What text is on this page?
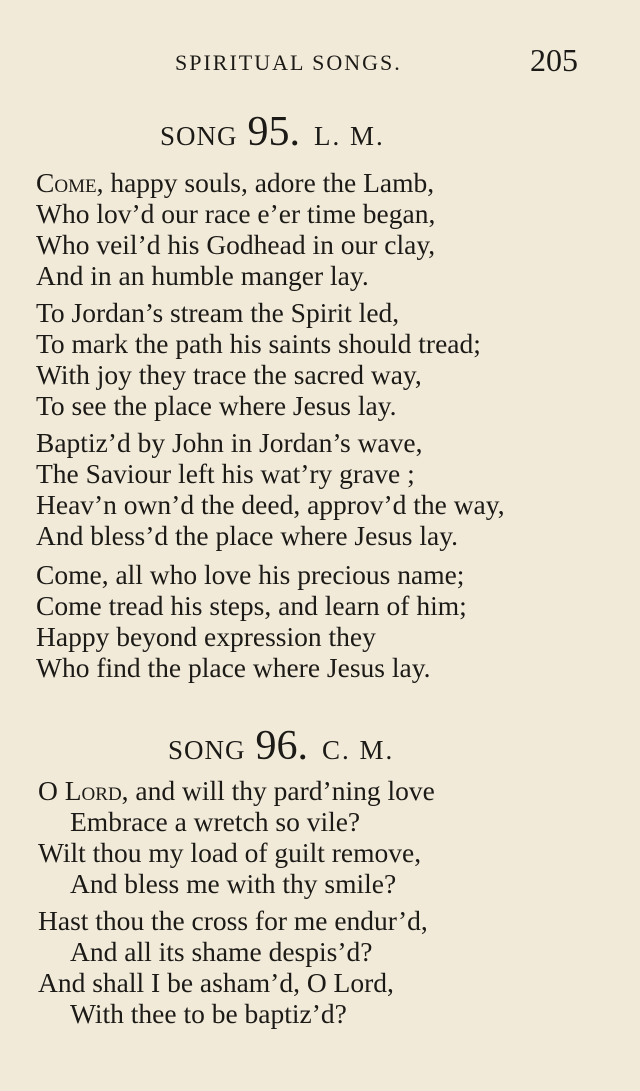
SPIRITUAL SONGS.	205
SONG 95. L. M.
Come, happy souls, adore the Lamb,
Who lov’d our race e’er time began,
Who veil’d his Godhead in our clay,
And in an humble manger lay.
To Jordan’s stream the Spirit led,
To mark the path his saints should tread;
With joy they trace the sacred way,
To see the place where Jesus lay.
Baptiz’d by John in Jordan’s wave,
The Saviour left his wat’ry grave ;
Heav’n own’d the deed, approv’d the way,
And bless’d the place where Jesus lay.
Come, all who love his precious name;
Come tread his steps, and learn of him;
Happy beyond expression they
Who find the place where Jesus lay.
SONG 96. C. M.
O Lord, and will thy pard’ning love
Embrace a wretch so vile?
Wilt thou my load of guilt remove,
And bless me with thy smile?
Hast thou the cross for me endur’d,
And all its shame despis’d?
And shall I be asham’d, O Lord,
With thee to be baptiz’d?
